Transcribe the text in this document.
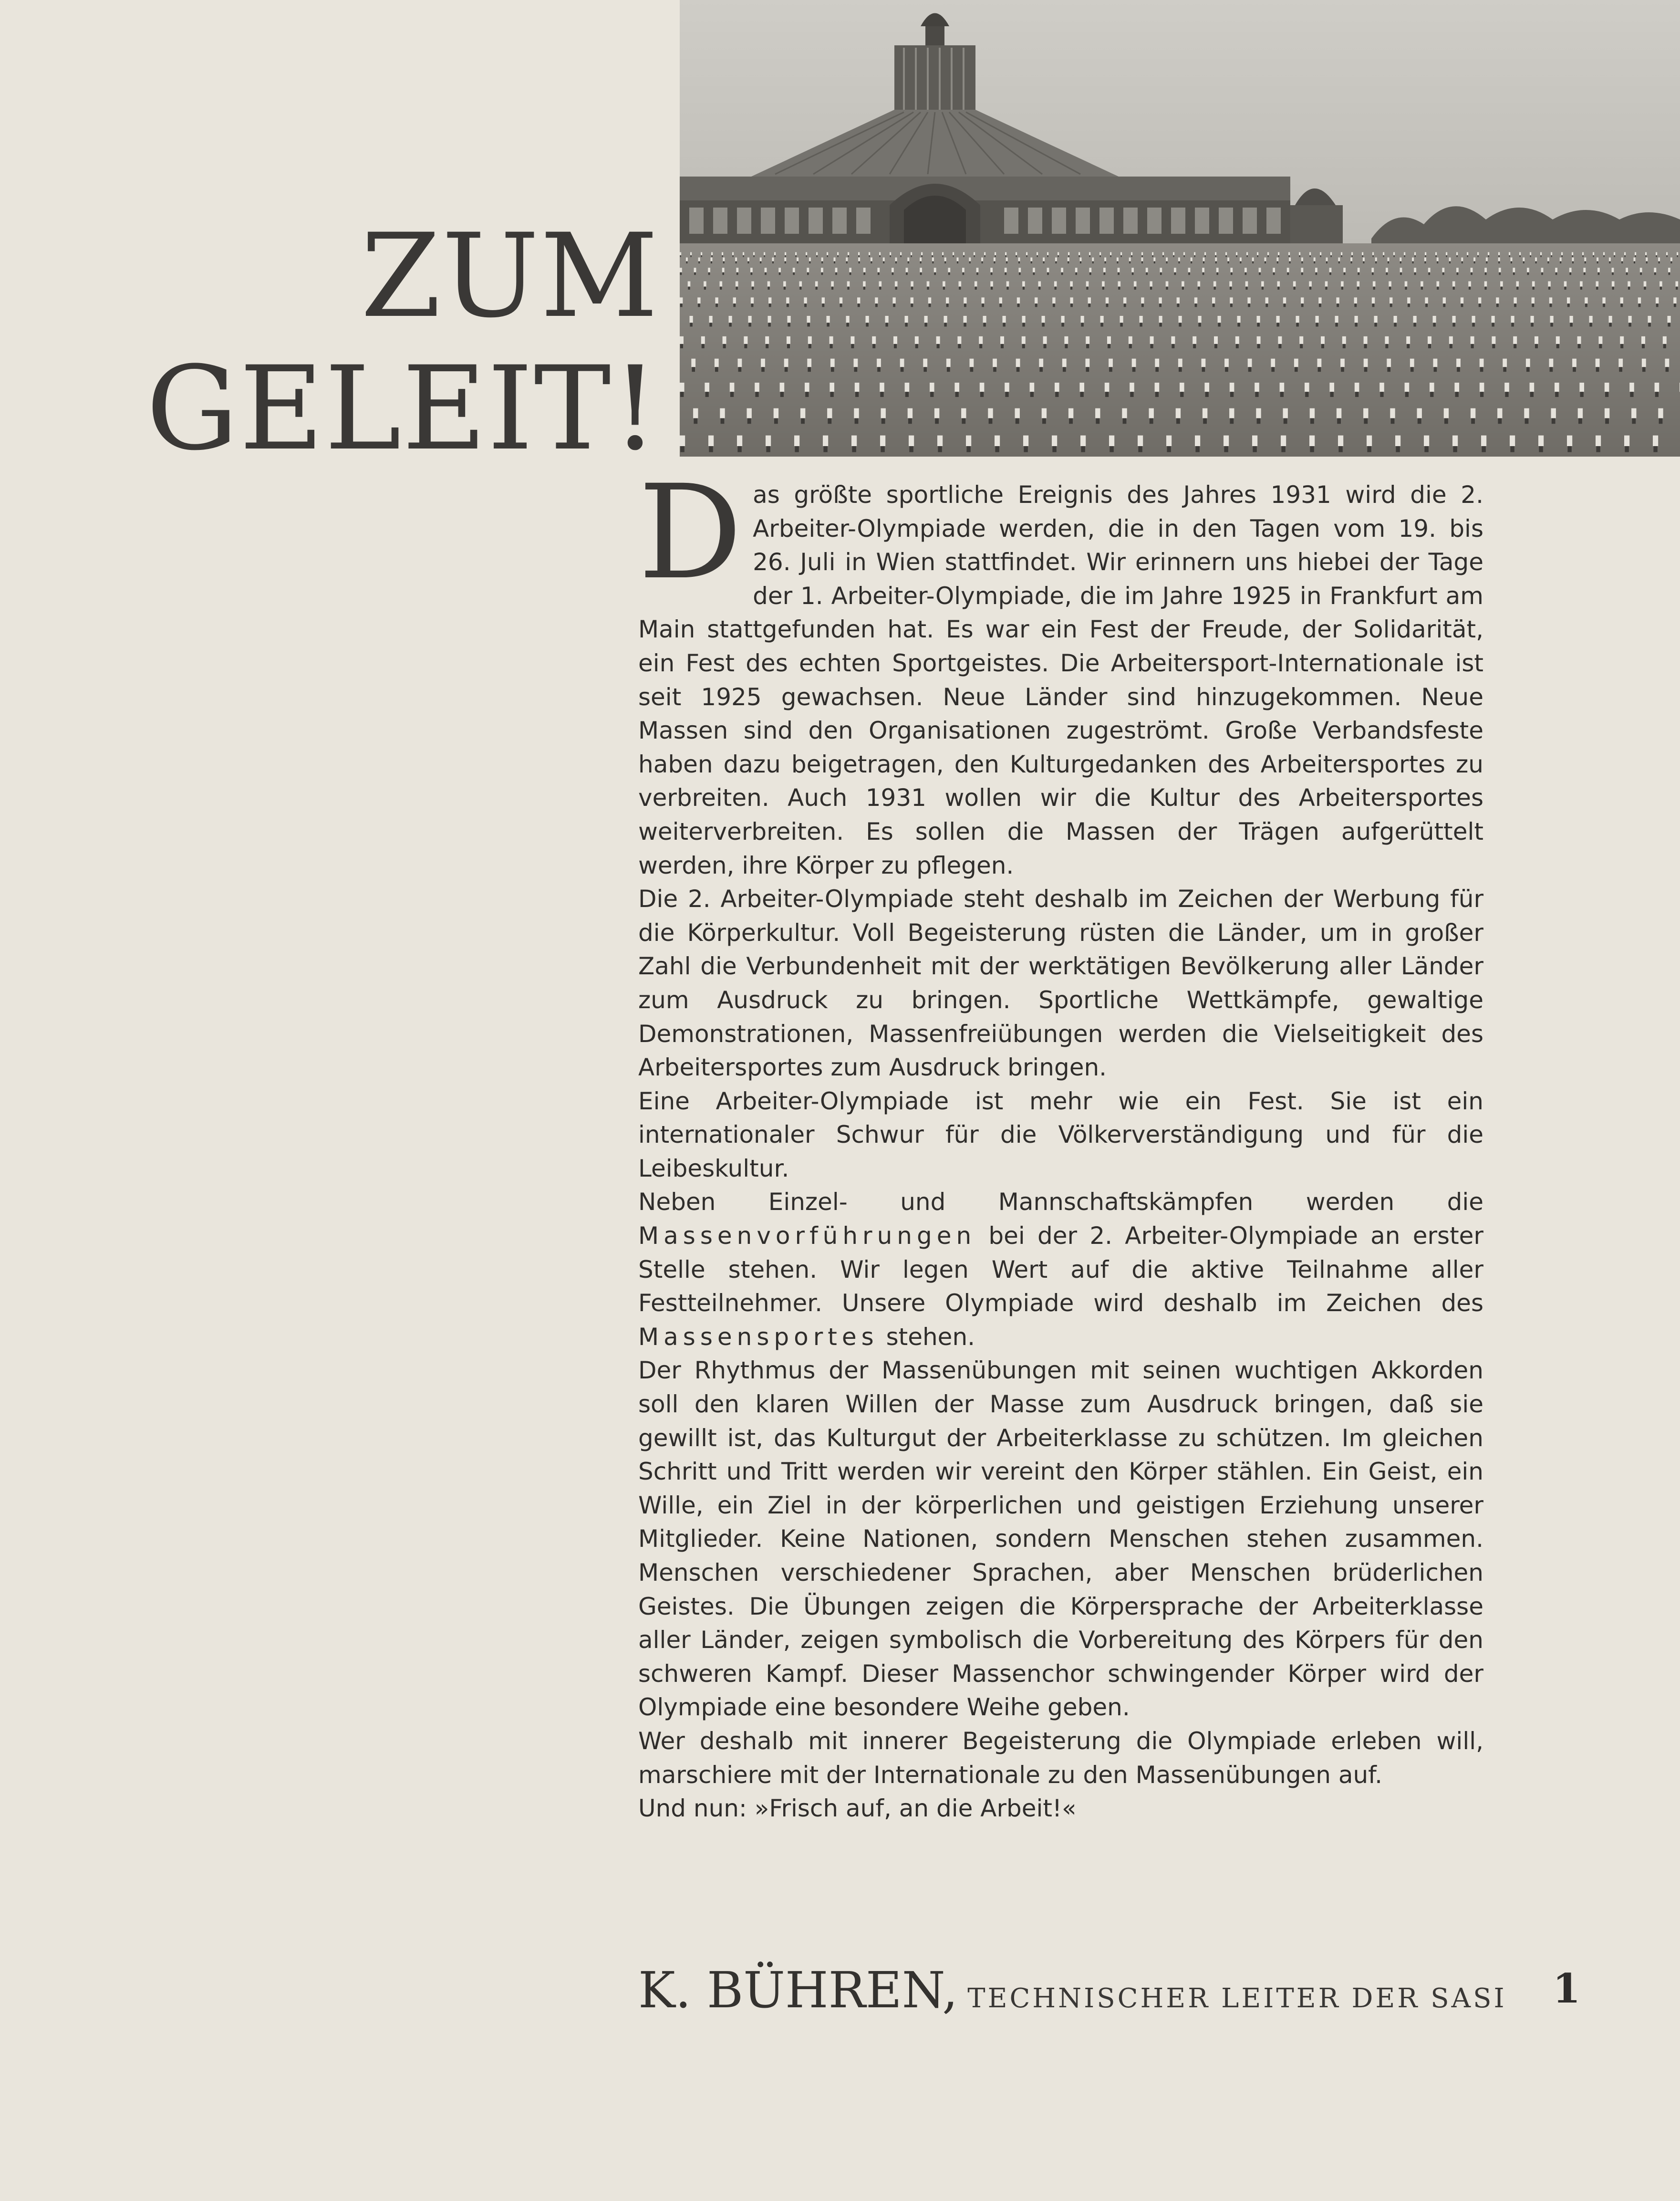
ZUM
GELEIT!

Das größte sportliche Ereignis des Jahres 1931 wird die 2. Arbeiter-Olympiade werden, die in den Tagen vom 19. bis 26. Juli in Wien stattfindet. Wir erinnern uns hiebei der Tage der 1. Arbeiter-Olympiade, die im Jahre 1925 in Frankfurt am Main stattgefunden hat. Es war ein Fest der Freude, der Solidarität, ein Fest des echten Sportgeistes. Die Arbeitersport-Internationale ist seit 1925 gewachsen. Neue Länder sind hinzugekommen. Neue Massen sind den Organisationen zugeströmt. Große Verbandsfeste haben dazu beigetragen, den Kulturgedanken des Arbeitersportes zu verbreiten. Auch 1931 wollen wir die Kultur des Arbeitersportes weiterverbreiten. Es sollen die Massen der Trägen aufgerüttelt werden, ihre Körper zu pflegen.

Die 2. Arbeiter-Olympiade steht deshalb im Zeichen der Werbung für die Körperkultur. Voll Begeisterung rüsten die Länder, um in großer Zahl die Verbundenheit mit der werktätigen Bevölkerung aller Länder zum Ausdruck zu bringen. Sportliche Wettkämpfe, gewaltige Demonstrationen, Massenfreiübungen werden die Vielseitigkeit des Arbeitersportes zum Ausdruck bringen.

Eine Arbeiter-Olympiade ist mehr wie ein Fest. Sie ist ein internationaler Schwur für die Völkerverständigung und für die Leibeskultur.

Neben Einzel- und Mannschaftskämpfen werden die Massenvorführungen bei der 2. Arbeiter-Olympiade an erster Stelle stehen. Wir legen Wert auf die aktive Teilnahme aller Festteilnehmer. Unsere Olympiade wird deshalb im Zeichen des Massensportes stehen.

Der Rhythmus der Massenübungen mit seinen wuchtigen Akkorden soll den klaren Willen der Masse zum Ausdruck bringen, daß sie gewillt ist, das Kulturgut der Arbeiterklasse zu schützen. Im gleichen Schritt und Tritt werden wir vereint den Körper stählen. Ein Geist, ein Wille, ein Ziel in der körperlichen und geistigen Erziehung unserer Mitglieder. Keine Nationen, sondern Menschen stehen zusammen. Menschen verschiedener Sprachen, aber Menschen brüderlichen Geistes. Die Übungen zeigen die Körpersprache der Arbeiterklasse aller Länder, zeigen symbolisch die Vorbereitung des Körpers für den schweren Kampf. Dieser Massenchor schwingender Körper wird der Olympiade eine besondere Weihe geben.

Wer deshalb mit innerer Begeisterung die Olympiade erleben will, marschiere mit der Internationale zu den Massenübungen auf.

Und nun: »Frisch auf, an die Arbeit!«

K. BÜHREN, TECHNISCHER LEITER DER SASI 1
